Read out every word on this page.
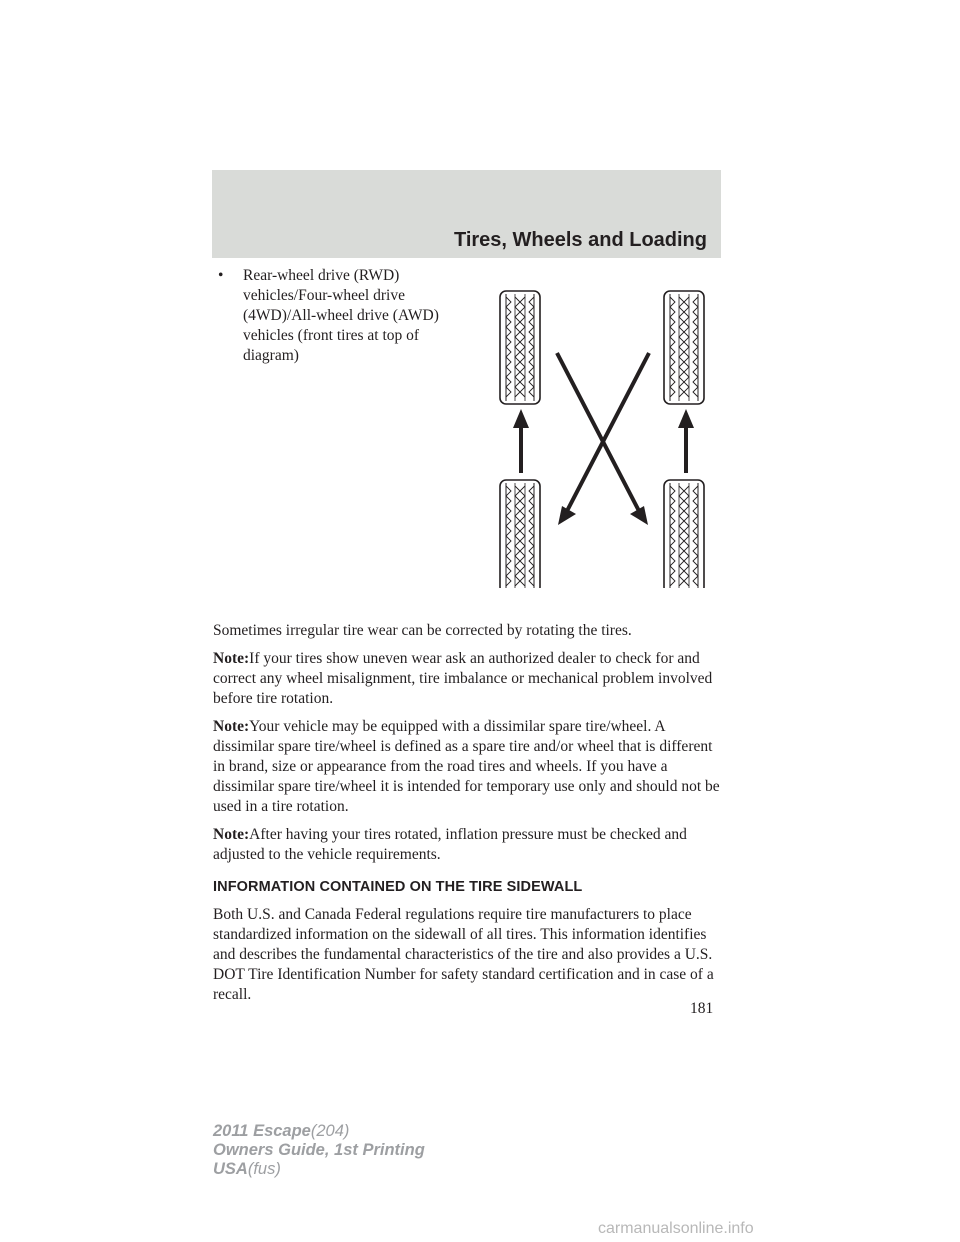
Tires, Wheels and Loading
• Rear-wheel drive (RWD) vehicles/Four-wheel drive (4WD)/All-wheel drive (AWD) vehicles (front tires at top of diagram)

Sometimes irregular tire wear can be corrected by rotating the tires.

Note:If your tires show uneven wear ask an authorized dealer to check for and correct any wheel misalignment, tire imbalance or mechanical problem involved before tire rotation.

Note:Your vehicle may be equipped with a dissimilar spare tire/wheel. A dissimilar spare tire/wheel is defined as a spare tire and/or wheel that is different in brand, size or appearance from the road tires and wheels. If you have a dissimilar spare tire/wheel it is intended for temporary use only and should not be used in a tire rotation.

Note:After having your tires rotated, inflation pressure must be checked and adjusted to the vehicle requirements.

INFORMATION CONTAINED ON THE TIRE SIDEWALL

Both U.S. and Canada Federal regulations require tire manufacturers to place standardized information on the sidewall of all tires. This information identifies and describes the fundamental characteristics of the tire and also provides a U.S. DOT Tire Identification Number for safety standard certification and in case of a recall.

181
2011 Escape(204)
Owners Guide, 1st Printing
USA(fus)
carmanualsonline.info
